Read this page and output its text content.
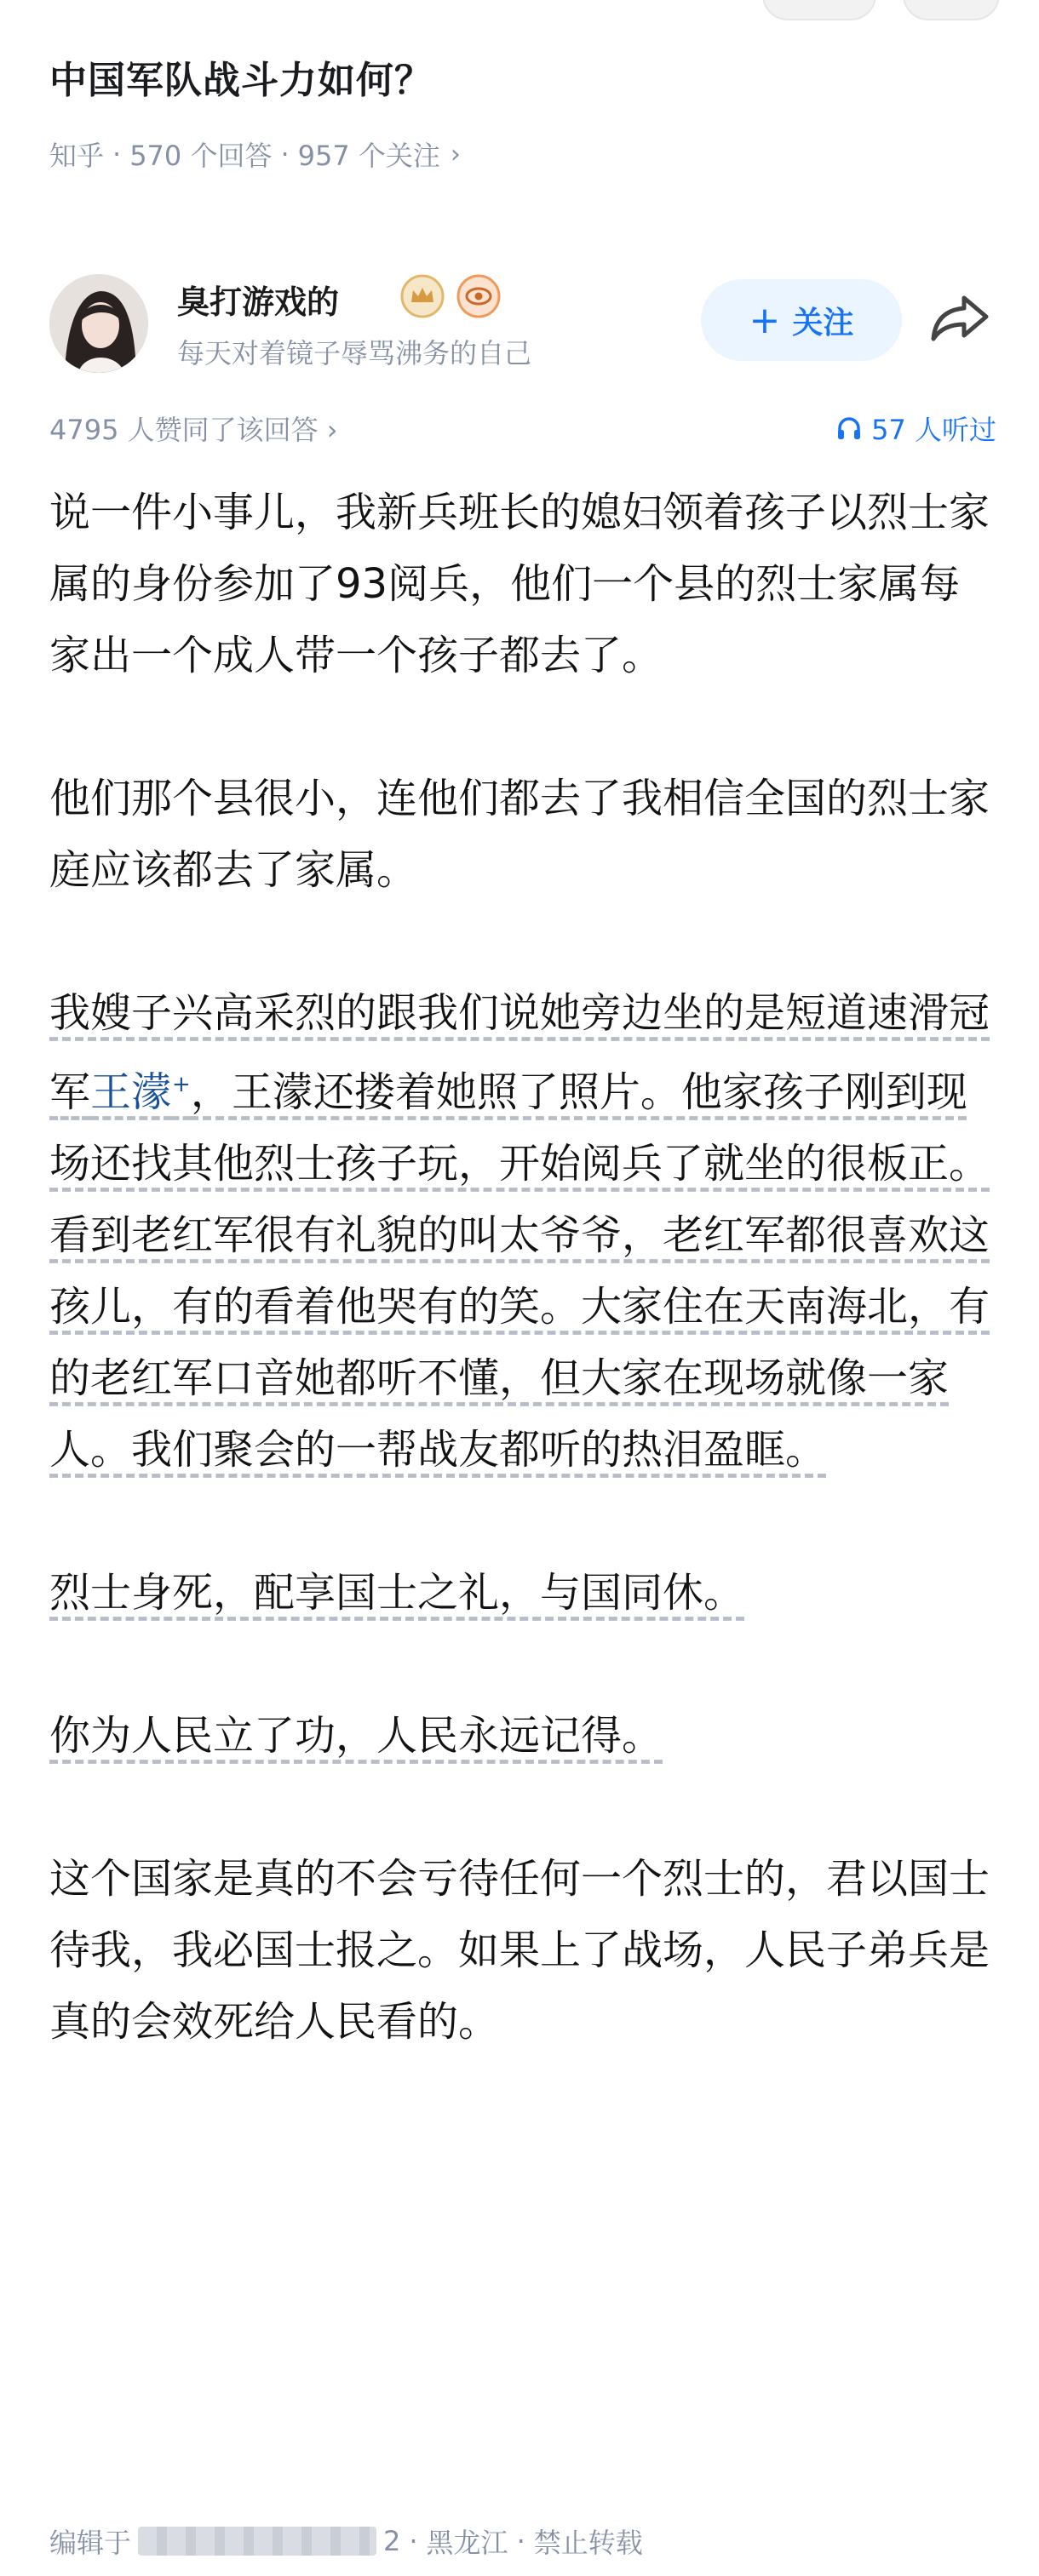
中国军队战斗力如何？
知乎 · 570 个回答 · 957 个关注 ›
臭打游戏的
每天对着镜子辱骂沸务的自己
+ 关注
4795 人赞同了该回答 ›	57 人听过

说一件小事儿，我新兵班长的媳妇领着孩子以烈士家属的身份参加了93阅兵，他们一个县的烈士家属每家出一个成人带一个孩子都去了。

他们那个县很小，连他们都去了我相信全国的烈士家庭应该都去了家属。

我嫂子兴高采烈的跟我们说她旁边坐的是短道速滑冠军王濛+，王濛还搂着她照了照片。他家孩子刚到现场还找其他烈士孩子玩，开始阅兵了就坐的很板正。看到老红军很有礼貌的叫太爷爷，老红军都很喜欢这孩儿，有的看着他哭有的笑。大家住在天南海北，有的老红军口音她都听不懂，但大家在现场就像一家人。我们聚会的一帮战友都听的热泪盈眶。

烈士身死，配享国士之礼，与国同休。

你为人民立了功，人民永远记得。

这个国家是真的不会亏待任何一个烈士的，君以国士待我，我必国士报之。如果上了战场，人民子弟兵是真的会效死给人民看的。

编辑于	2 · 黑龙江 · 禁止转载
